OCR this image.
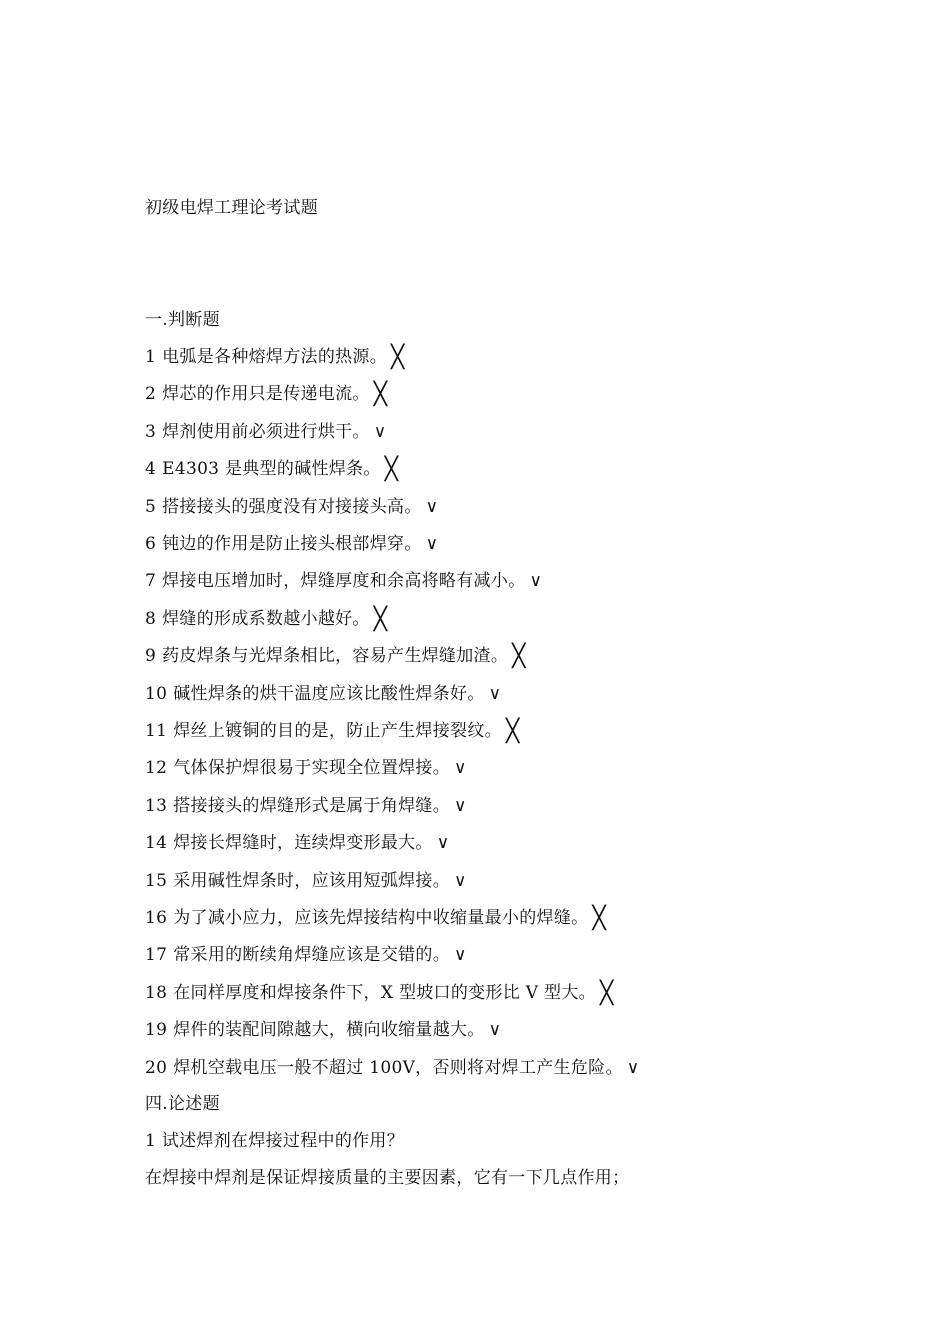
初级电焊工理论考试题
一.判断题
1 电弧是各种熔焊方法的热源。 ╳
2 焊芯的作用只是传递电流。 ╳
3 焊剂使用前必须进行烘干。 ∨
4 E4303 是典型的碱性焊条。 ╳
5 搭接接头的强度没有对接接头高。 ∨
6 钝边的作用是防止接头根部焊穿。 ∨
7 焊接电压增加时，焊缝厚度和余高将略有减小。 ∨
8 焊缝的形成系数越小越好。 ╳
9 药皮焊条与光焊条相比，容易产生焊缝加渣。 ╳
10 碱性焊条的烘干温度应该比酸性焊条好。 ∨
11 焊丝上镀铜的目的是，防止产生焊接裂纹。 ╳
12 气体保护焊很易于实现全位置焊接。 ∨
13 搭接接头的焊缝形式是属于角焊缝。 ∨
14 焊接长焊缝时，连续焊变形最大。 ∨
15 采用碱性焊条时，应该用短弧焊接。 ∨
16 为了减小应力，应该先焊接结构中收缩量最小的焊缝。 ╳
17 常采用的断续角焊缝应该是交错的。 ∨
18 在同样厚度和焊接条件下，X 型坡口的变形比 V 型大。 ╳
19 焊件的装配间隙越大，横向收缩量越大。 ∨
20 焊机空载电压一般不超过 100V，否则将对焊工产生危险。 ∨
四.论述题
1 试述焊剂在焊接过程中的作用？
在焊接中焊剂是保证焊接质量的主要因素，它有一下几点作用；
